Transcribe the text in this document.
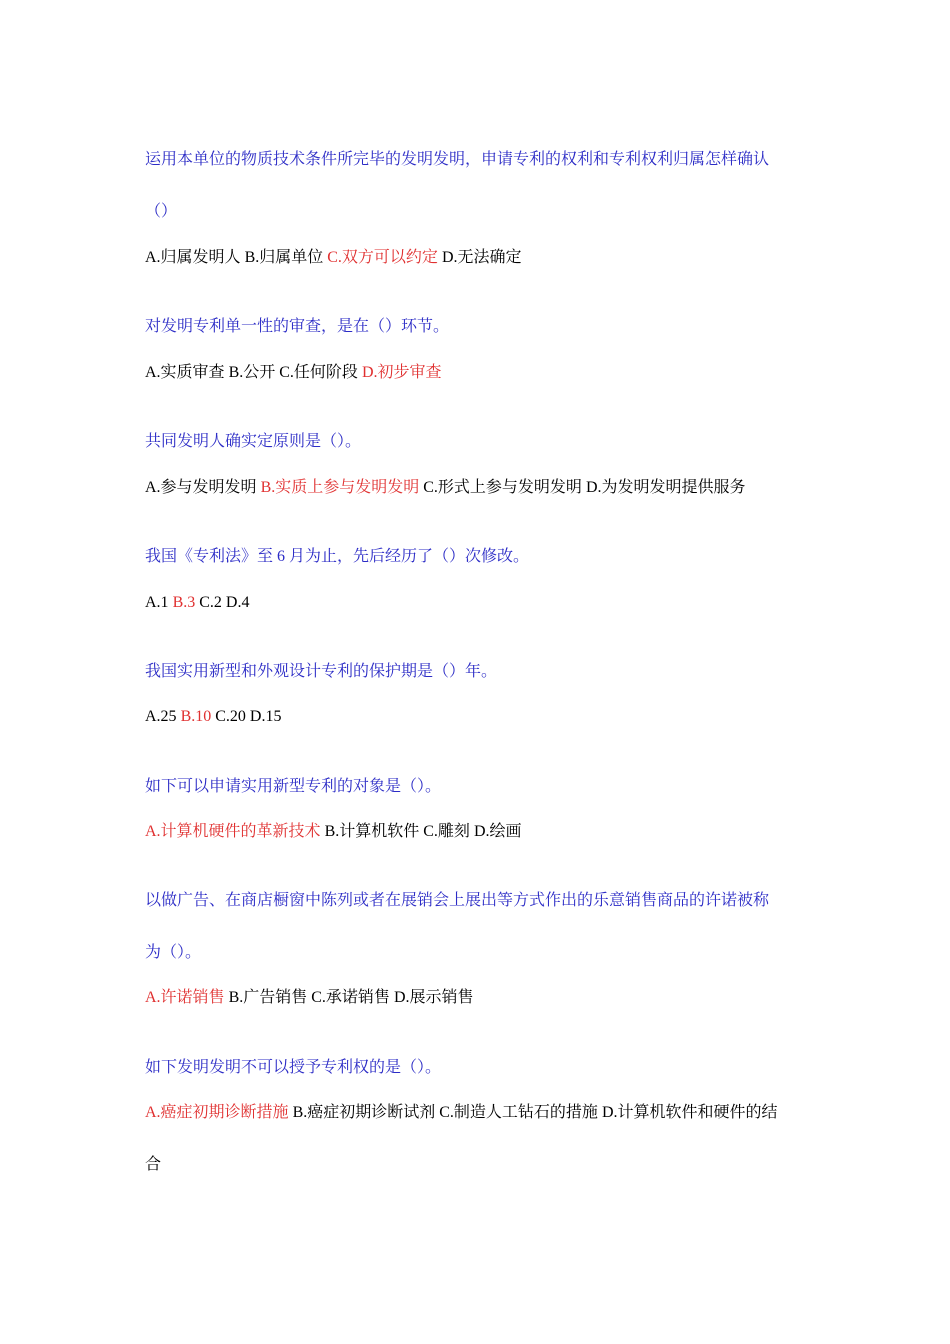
运用本单位的物质技术条件所完毕的发明发明，申请专利的权利和专利权利归属怎样确认
（）
A.归属发明人 B.归属单位 C.双方可以约定 D.无法确定
对发明专利单一性的审查，是在（）环节。
A.实质审查 B.公开 C.任何阶段 D.初步审查
共同发明人确实定原则是（）。
A.参与发明发明 B.实质上参与发明发明 C.形式上参与发明发明 D.为发明发明提供服务
我国《专利法》至 6 月为止，先后经历了（）次修改。
A.1 B.3 C.2 D.4
我国实用新型和外观设计专利的保护期是（）年。
A.25 B.10 C.20 D.15
如下可以申请实用新型专利的对象是（）。
A.计算机硬件的革新技术 B.计算机软件 C.雕刻 D.绘画
以做广告、在商店橱窗中陈列或者在展销会上展出等方式作出的乐意销售商品的许诺被称
为（）。
A.许诺销售 B.广告销售 C.承诺销售 D.展示销售
如下发明发明不可以授予专利权的是（）。
A.癌症初期诊断措施 B.癌症初期诊断试剂 C.制造人工钻石的措施 D.计算机软件和硬件的结
合
